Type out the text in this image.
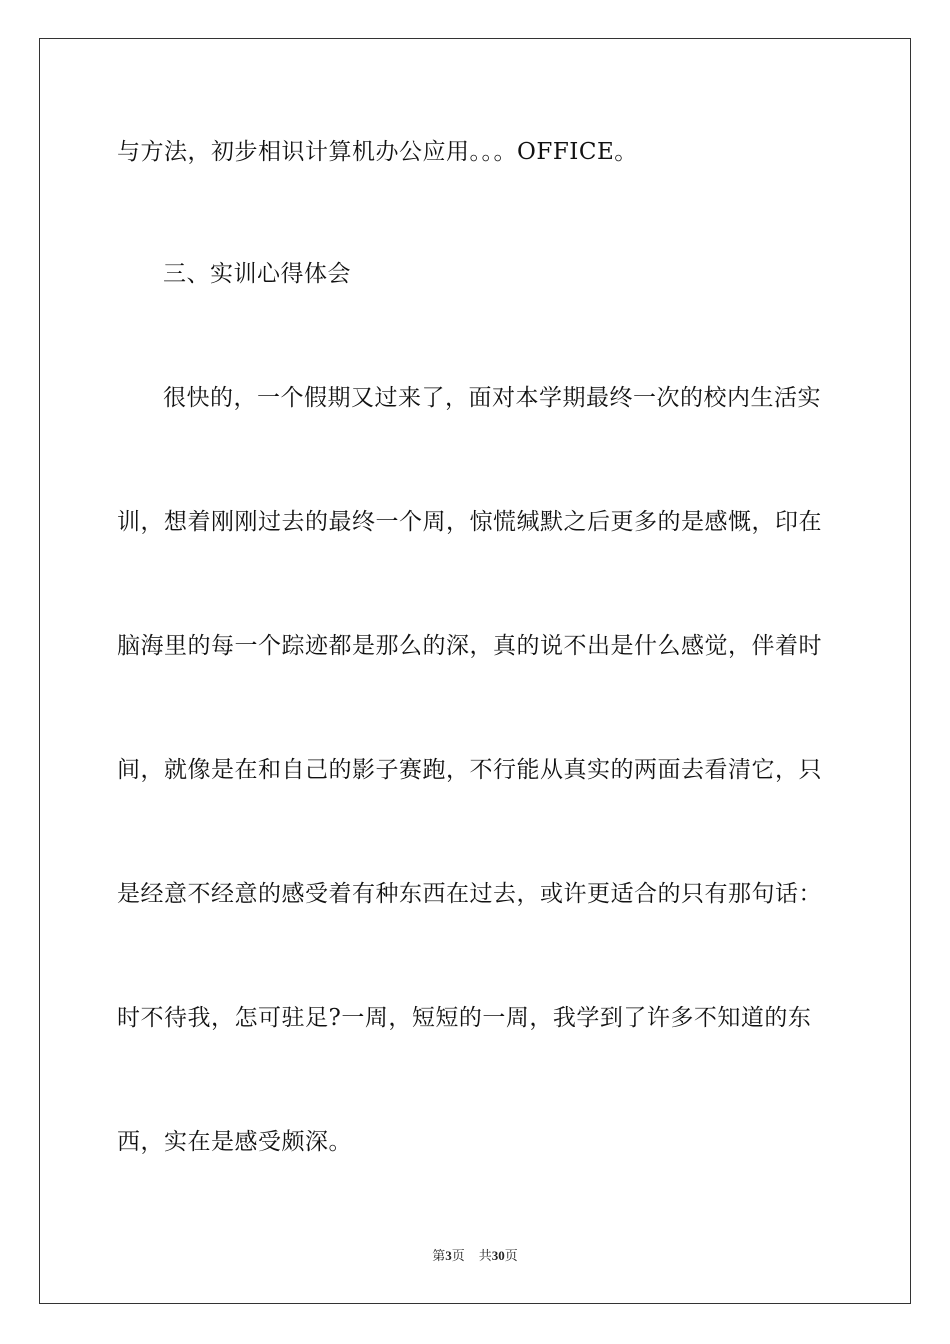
与方法，初步相识计算机办公应用。。。OFFICE。
三、实训心得体会
很快的，一个假期又过来了，面对本学期最终一次的校内生活实
训，想着刚刚过去的最终一个周，惊慌缄默之后更多的是感慨，印在
脑海里的每一个踪迹都是那么的深，真的说不出是什么感觉，伴着时
间，就像是在和自己的影子赛跑，不行能从真实的两面去看清它，只
是经意不经意的感受着有种东西在过去，或许更适合的只有那句话：
时不待我，怎可驻足?一周，短短的一周，我学到了许多不知道的东
西，实在是感受颇深。
第3页 共30页
